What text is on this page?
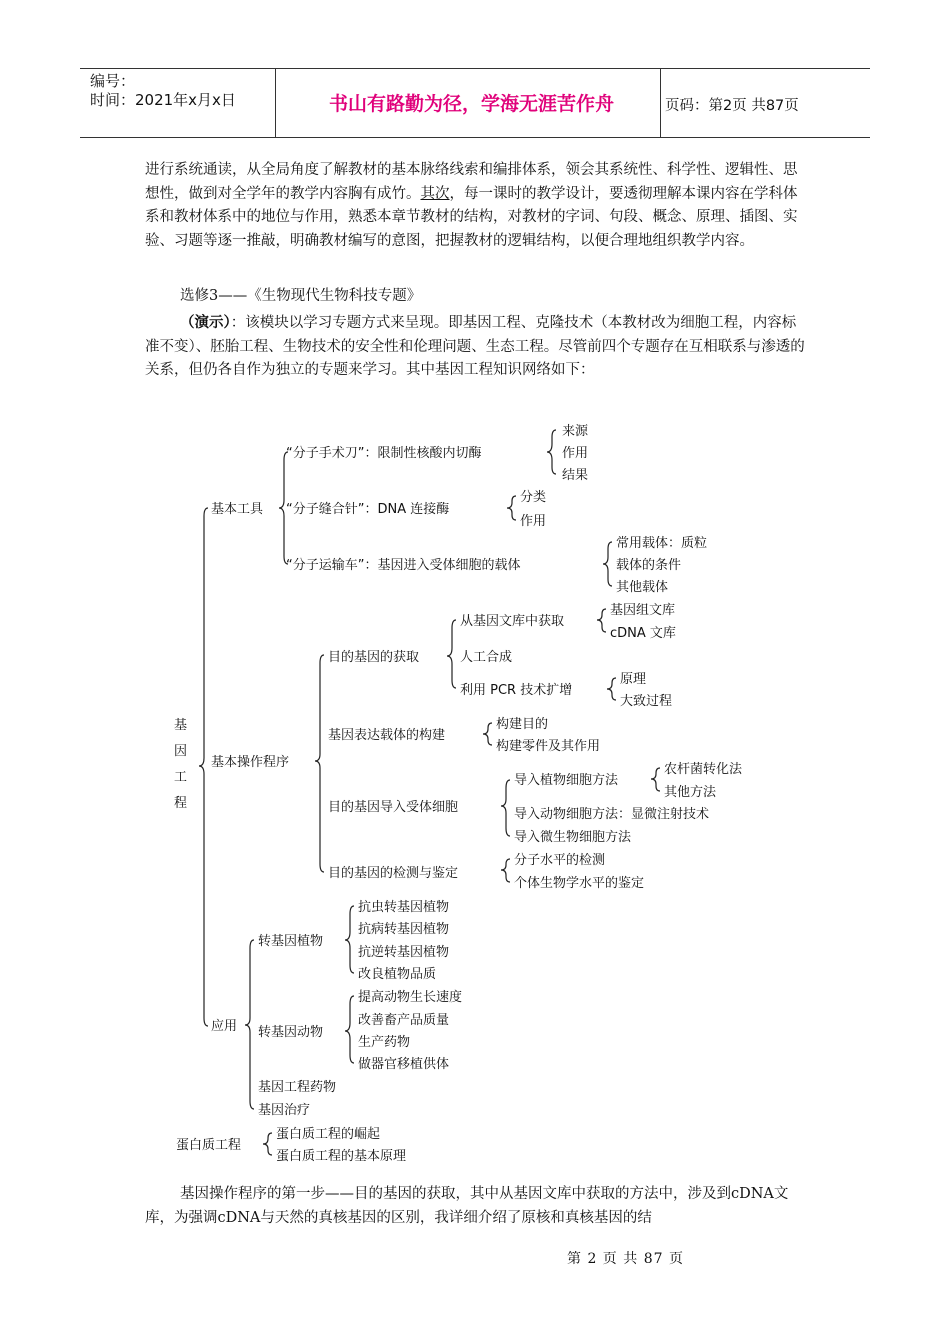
编号：
时间：2021年x月x日	书山有路勤为径，学海无涯苦作舟	页码：第2页 共87页

进行系统通读，从全局角度了解教材的基本脉络线索和编排体系，领会其系统性、科学性、逻辑性、思想性，做到对全学年的教学内容胸有成竹。其次，每一课时的教学设计，要透彻理解本课内容在学科体系和教材体系中的地位与作用，熟悉本章节教材的结构，对教材的字词、句段、概念、原理、插图、实验、习题等逐一推敲，明确教材编写的意图，把握教材的逻辑结构，以便合理地组织教学内容。

选修3——《生物现代生物科技专题》

（演示）：该模块以学习专题方式来呈现。即基因工程、克隆技术（本教材改为细胞工程，内容标准不变）、胚胎工程、生物技术的安全性和伦理问题、生态工程。尽管前四个专题存在互相联系与渗透的关系，但仍各自作为独立的专题来学习。其中基因工程知识网络如下：

基
因
工
程
基本工具
“分子手术刀”：限制性核酸内切酶
来源
作用
结果
“分子缝合针”：DNA 连接酶
分类
作用
“分子运输车”：基因进入受体细胞的载体
常用载体：质粒
载体的条件
其他载体
基本操作程序
目的基因的获取
从基因文库中获取
基因组文库
cDNA 文库
人工合成
利用 PCR 技术扩增
原理
大致过程
基因表达载体的构建
构建目的
构建零件及其作用
目的基因导入受体细胞
导入植物细胞方法
农杆菌转化法
其他方法
导入动物细胞方法：显微注射技术
导入微生物细胞方法
目的基因的检测与鉴定
分子水平的检测
个体生物学水平的鉴定
应用
转基因植物
抗虫转基因植物
抗病转基因植物
抗逆转基因植物
改良植物品质
转基因动物
提高动物生长速度
改善畜产品质量
生产药物
做器官移植供体
基因工程药物
基因治疗
蛋白质工程
蛋白质工程的崛起
蛋白质工程的基本原理

基因操作程序的第一步——目的基因的获取，其中从基因文库中获取的方法中，涉及到cDNA文库，为强调cDNA与天然的真核基因的区别，我详细介绍了原核和真核基因的结

第 2 页 共 87 页
